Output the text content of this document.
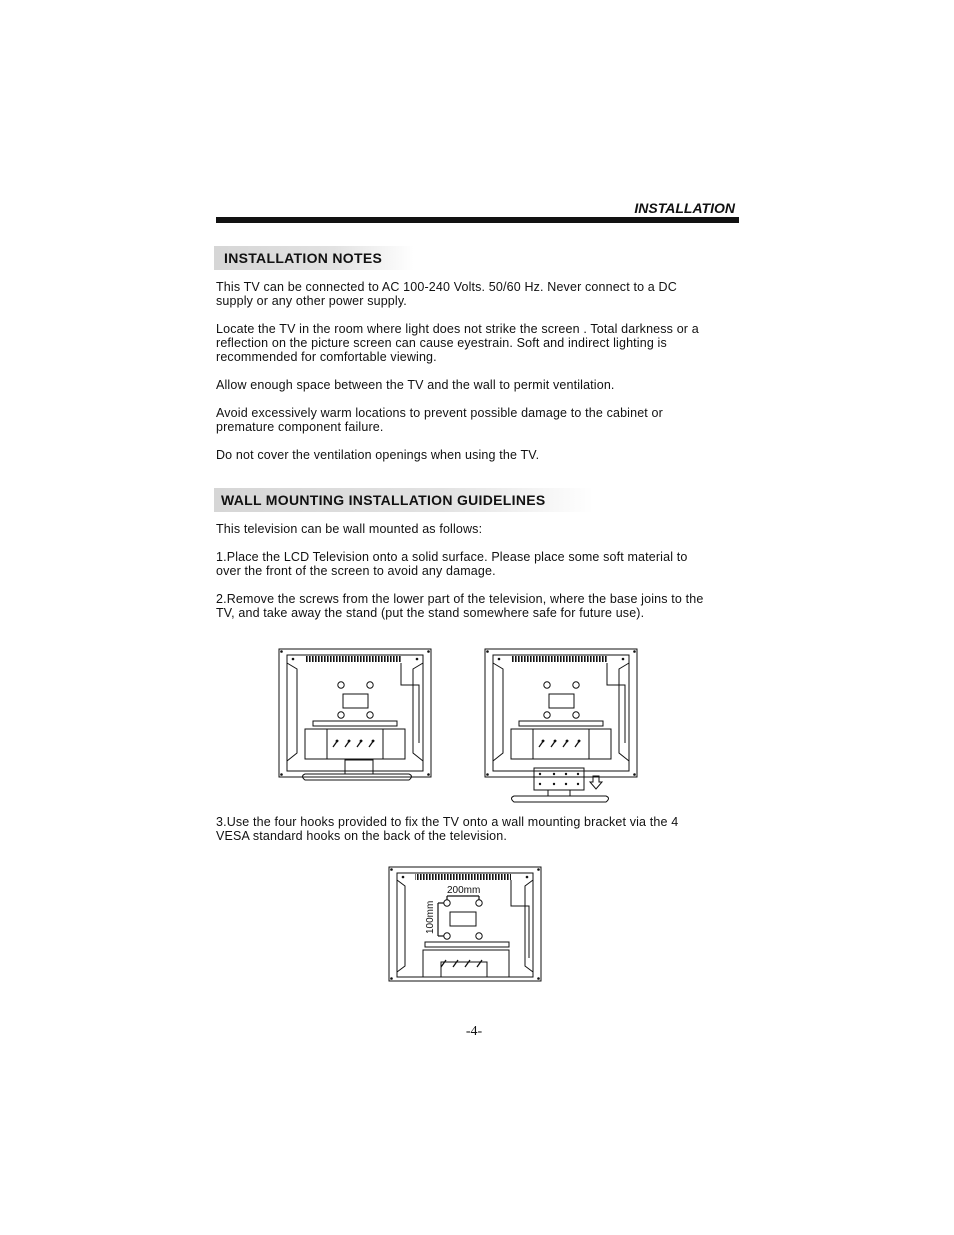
INSTALLATION
INSTALLATION NOTES
This TV can be connected to AC 100-240 Volts. 50/60 Hz. Never connect to a DC
supply or any other power supply.
Locate the TV in the room where light does not strike the screen . Total darkness or a
reflection on the picture screen can cause eyestrain. Soft and indirect lighting is
recommended for comfortable viewing.
Allow enough space between the TV and the wall to permit ventilation.
Avoid excessively warm locations to prevent possible damage to the cabinet or
premature component failure.
Do not cover the ventilation openings when using the TV.
WALL MOUNTING INSTALLATION GUIDELINES
This television can be wall mounted as follows:
1.Place the LCD Television onto a solid surface. Please place some soft material to
over the front of the screen to avoid any damage.
2.Remove the screws from the lower part of the television, where the base joins to the
TV, and take away the stand (put the stand somewhere safe for future use).
3.Use the four hooks provided to fix the TV onto a wall mounting bracket via the 4
VESA standard hooks on the back of the television.
200mm
100mm
-4-
